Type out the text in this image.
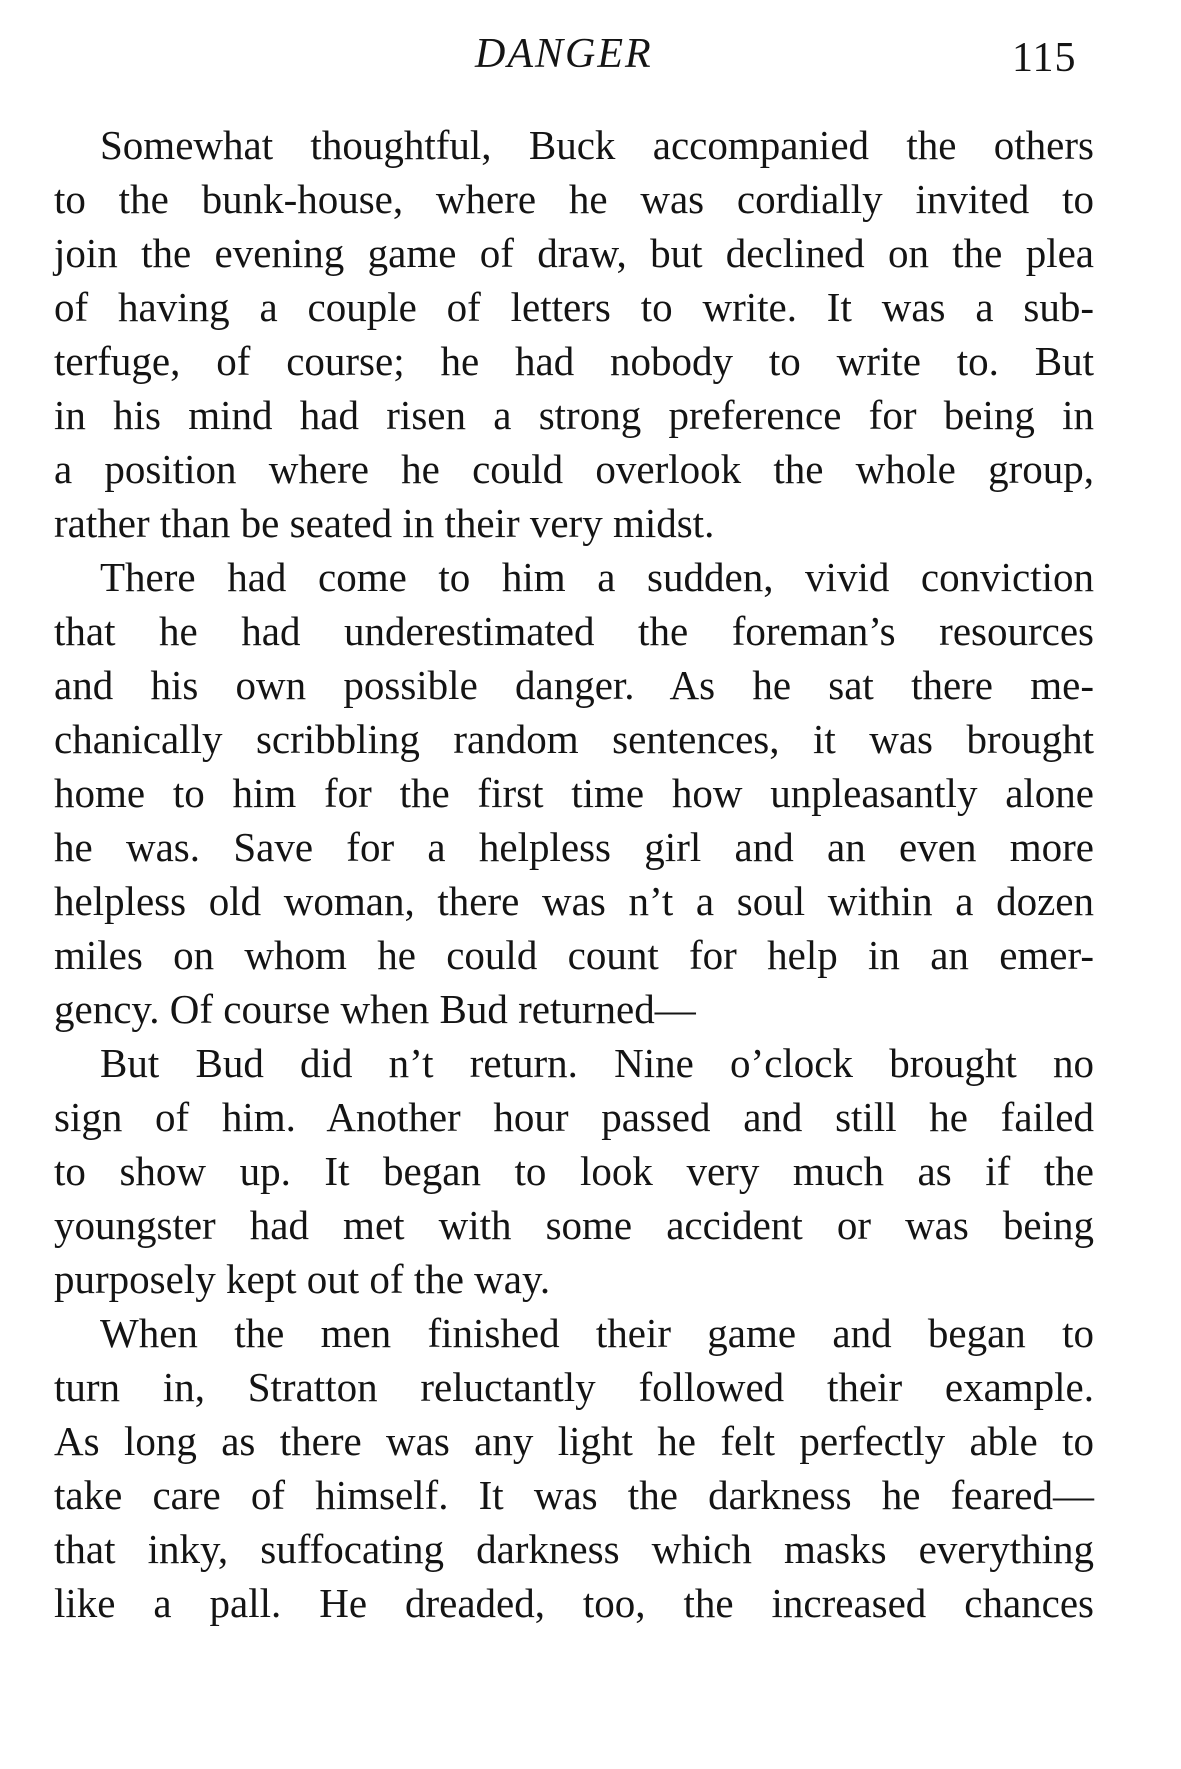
DANGER	115
Somewhat thoughtful, Buck accompanied the others
to the bunk-house, where he was cordially invited to
join the evening game of draw, but declined on the plea
of having a couple of letters to write. It was a sub-
terfuge, of course; he had nobody to write to. But
in his mind had risen a strong preference for being in
a position where he could overlook the whole group,
rather than be seated in their very midst.
There had come to him a sudden, vivid conviction
that he had underestimated the foreman’s resources
and his own possible danger. As he sat there me-
chanically scribbling random sentences, it was brought
home to him for the first time how unpleasantly alone
he was. Save for a helpless girl and an even more
helpless old woman, there was n’t a soul within a dozen
miles on whom he could count for help in an emer-
gency. Of course when Bud returned—
But Bud did n’t return. Nine o’clock brought no
sign of him. Another hour passed and still he failed
to show up. It began to look very much as if the
youngster had met with some accident or was being
purposely kept out of the way.
When the men finished their game and began to
turn in, Stratton reluctantly followed their example.
As long as there was any light he felt perfectly able to
take care of himself. It was the darkness he feared—
that inky, suffocating darkness which masks everything
like a pall. He dreaded, too, the increased chances
